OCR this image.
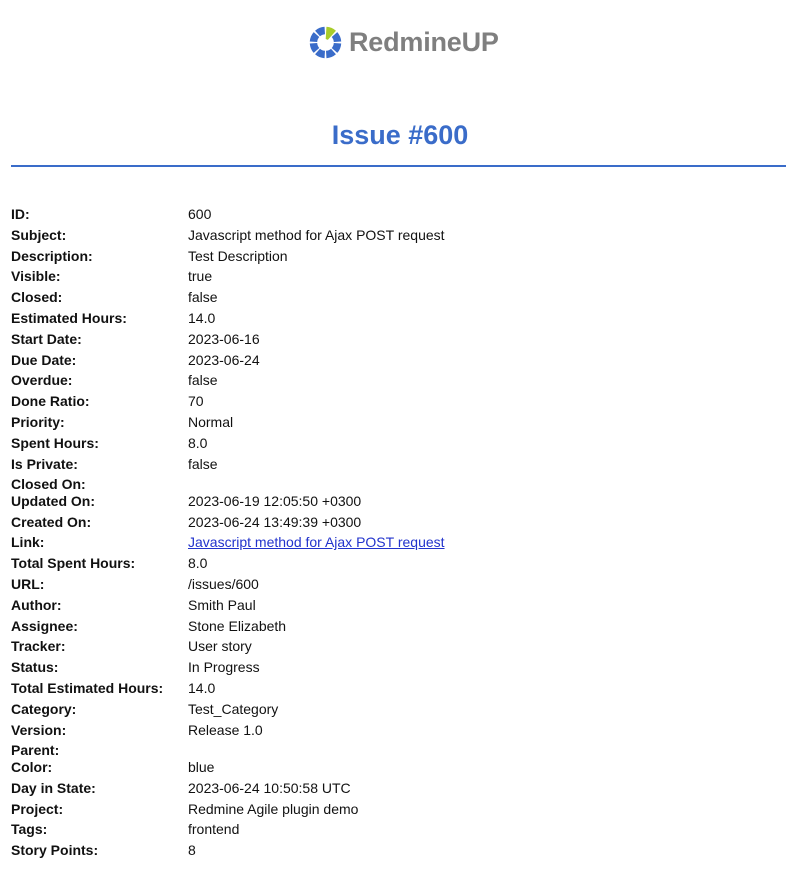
RedmineUP
Issue #600
ID:	600
Subject:	Javascript method for Ajax POST request
Description:	Test Description
Visible:	true
Closed:	false
Estimated Hours:	14.0
Start Date:	2023-06-16
Due Date:	2023-06-24
Overdue:	false
Done Ratio:	70
Priority:	Normal
Spent Hours:	8.0
Is Private:	false
Closed On:
Updated On:	2023-06-19 12:05:50 +0300
Created On:	2023-06-24 13:49:39 +0300
Link:	Javascript method for Ajax POST request
Total Spent Hours:	8.0
URL:	/issues/600
Author:	Smith Paul
Assignee:	Stone Elizabeth
Tracker:	User story
Status:	In Progress
Total Estimated Hours:	14.0
Category:	Test_Category
Version:	Release 1.0
Parent:
Color:	blue
Day in State:	2023-06-24 10:50:58 UTC
Project:	Redmine Agile plugin demo
Tags:	frontend
Story Points:	8
